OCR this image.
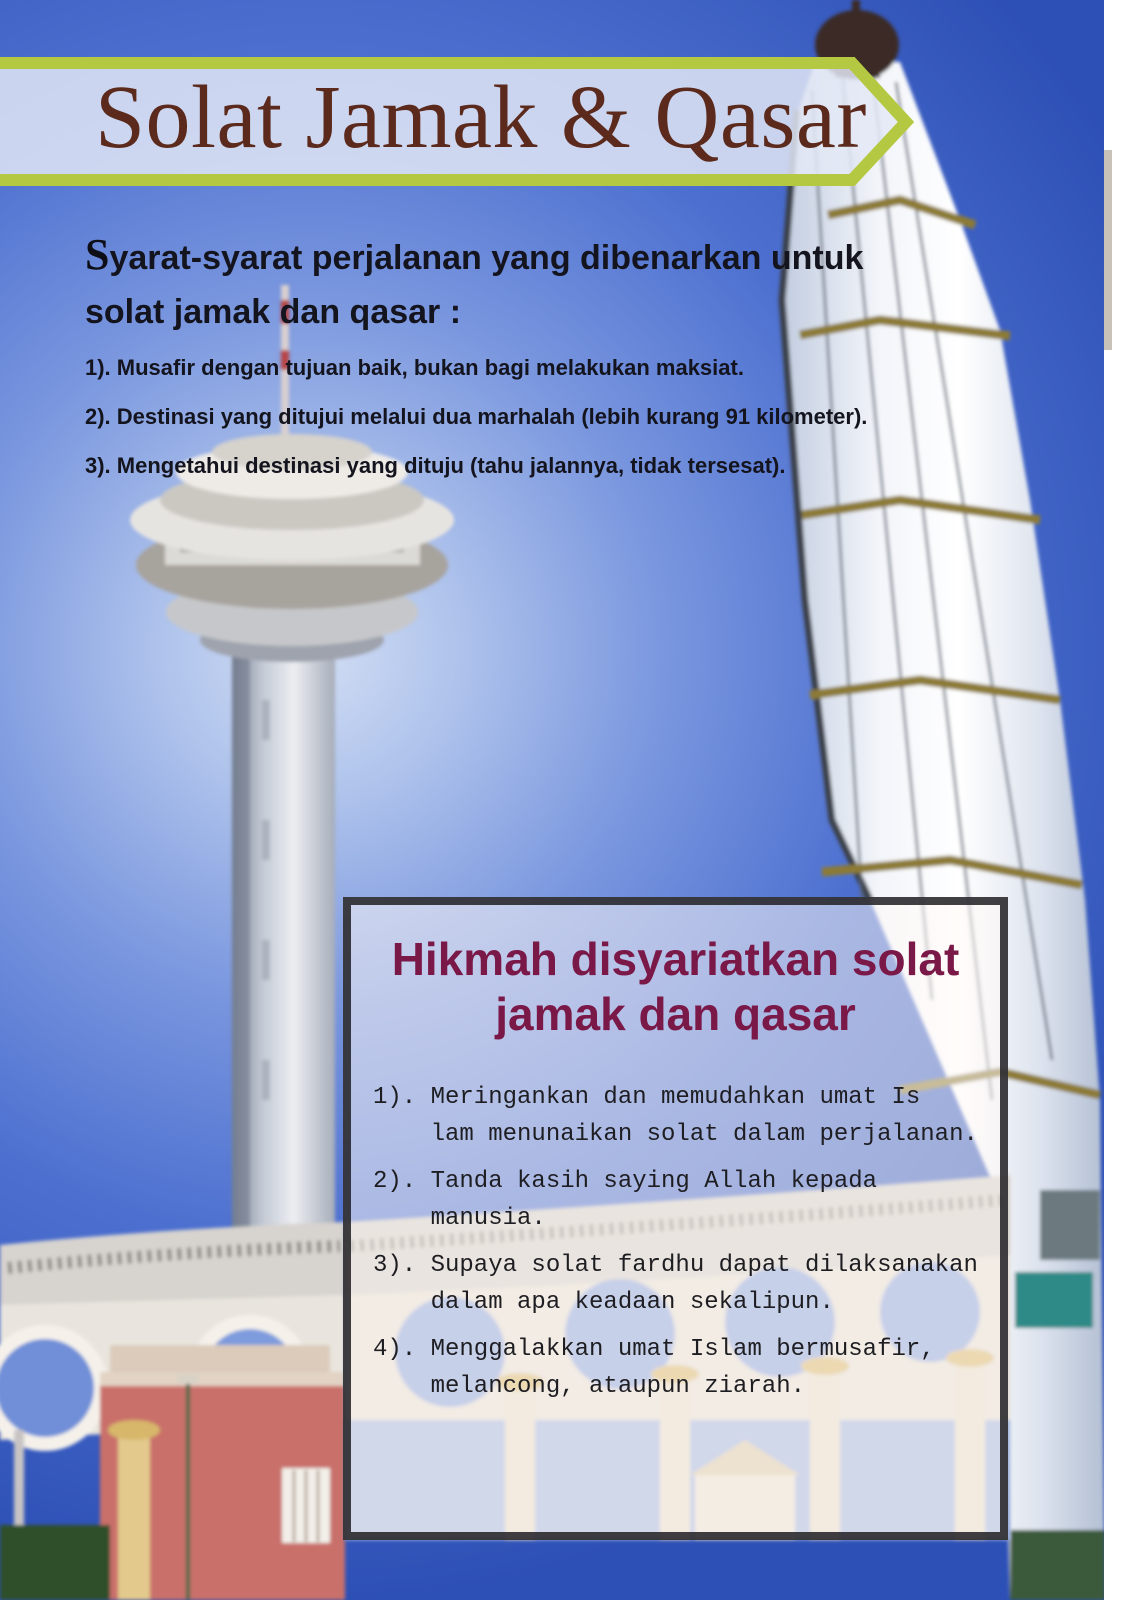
Solat Jamak & Qasar
Syarat-syarat perjalanan yang dibenarkan untuk solat jamak dan qasar :
1). Musafir dengan tujuan baik, bukan bagi melakukan maksiat.
2). Destinasi yang ditujui melalui dua marhalah (lebih kurang 91 kilometer).
3). Mengetahui destinasi yang dituju (tahu jalannya, tidak tersesat).
Hikmah disyariatkan solat jamak dan qasar
1). Meringankan dan memudahkan umat Is
lam menunaikan solat dalam perjalanan.
2). Tanda kasih saying Allah kepada
manusia.
3). Supaya solat fardhu dapat dilaksanakan
dalam apa keadaan sekalipun.
4). Menggalakkan umat Islam bermusafir,
melancong, ataupun ziarah.
